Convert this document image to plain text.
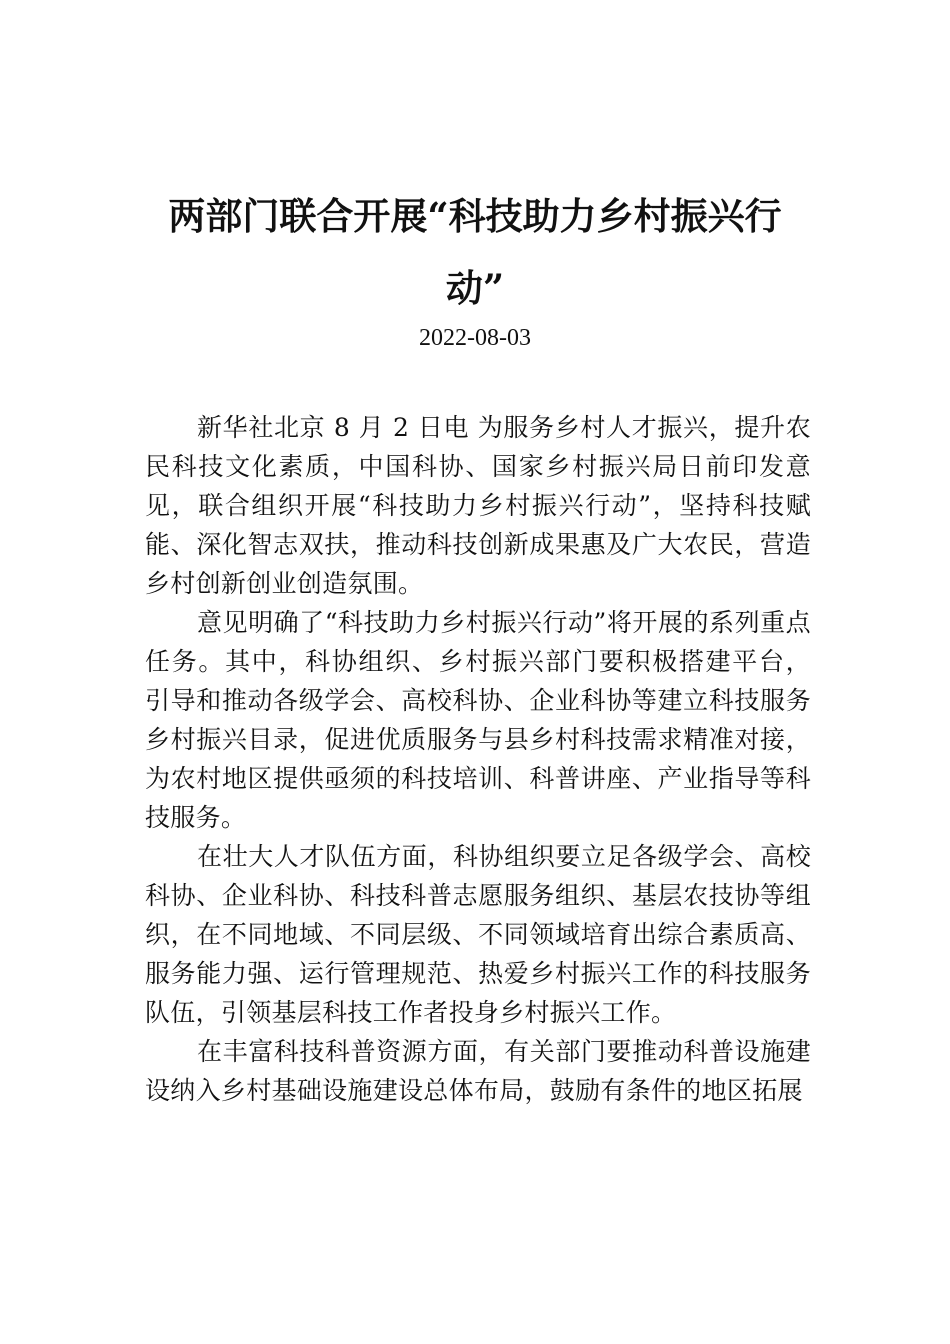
两部门联合开展“科技助力乡村振兴行动”
2022-08-03

新华社北京 8 月 2 日电 为服务乡村人才振兴，提升农民科技文化素质，中国科协、国家乡村振兴局日前印发意见，联合组织开展“科技助力乡村振兴行动”，坚持科技赋能、深化智志双扶，推动科技创新成果惠及广大农民，营造乡村创新创业创造氛围。

意见明确了“科技助力乡村振兴行动”将开展的系列重点任务。其中，科协组织、乡村振兴部门要积极搭建平台， 引导和推动各级学会、高校科协、企业科协等建立科技服务乡村振兴目录，促进优质服务与县乡村科技需求精准对接， 为农村地区提供亟须的科技培训、科普讲座、产业指导等科技服务。

在壮大人才队伍方面，科协组织要立足各级学会、高校科协、企业科协、科技科普志愿服务组织、基层农技协等组织，在不同地域、不同层级、不同领域培育出综合素质高、 服务能力强、运行管理规范、热爱乡村振兴工作的科技服务队伍，引领基层科技工作者投身乡村振兴工作。

在丰富科技科普资源方面，有关部门要推动科普设施建设纳入乡村基础设施建设总体布局，鼓励有条件的地区拓展
